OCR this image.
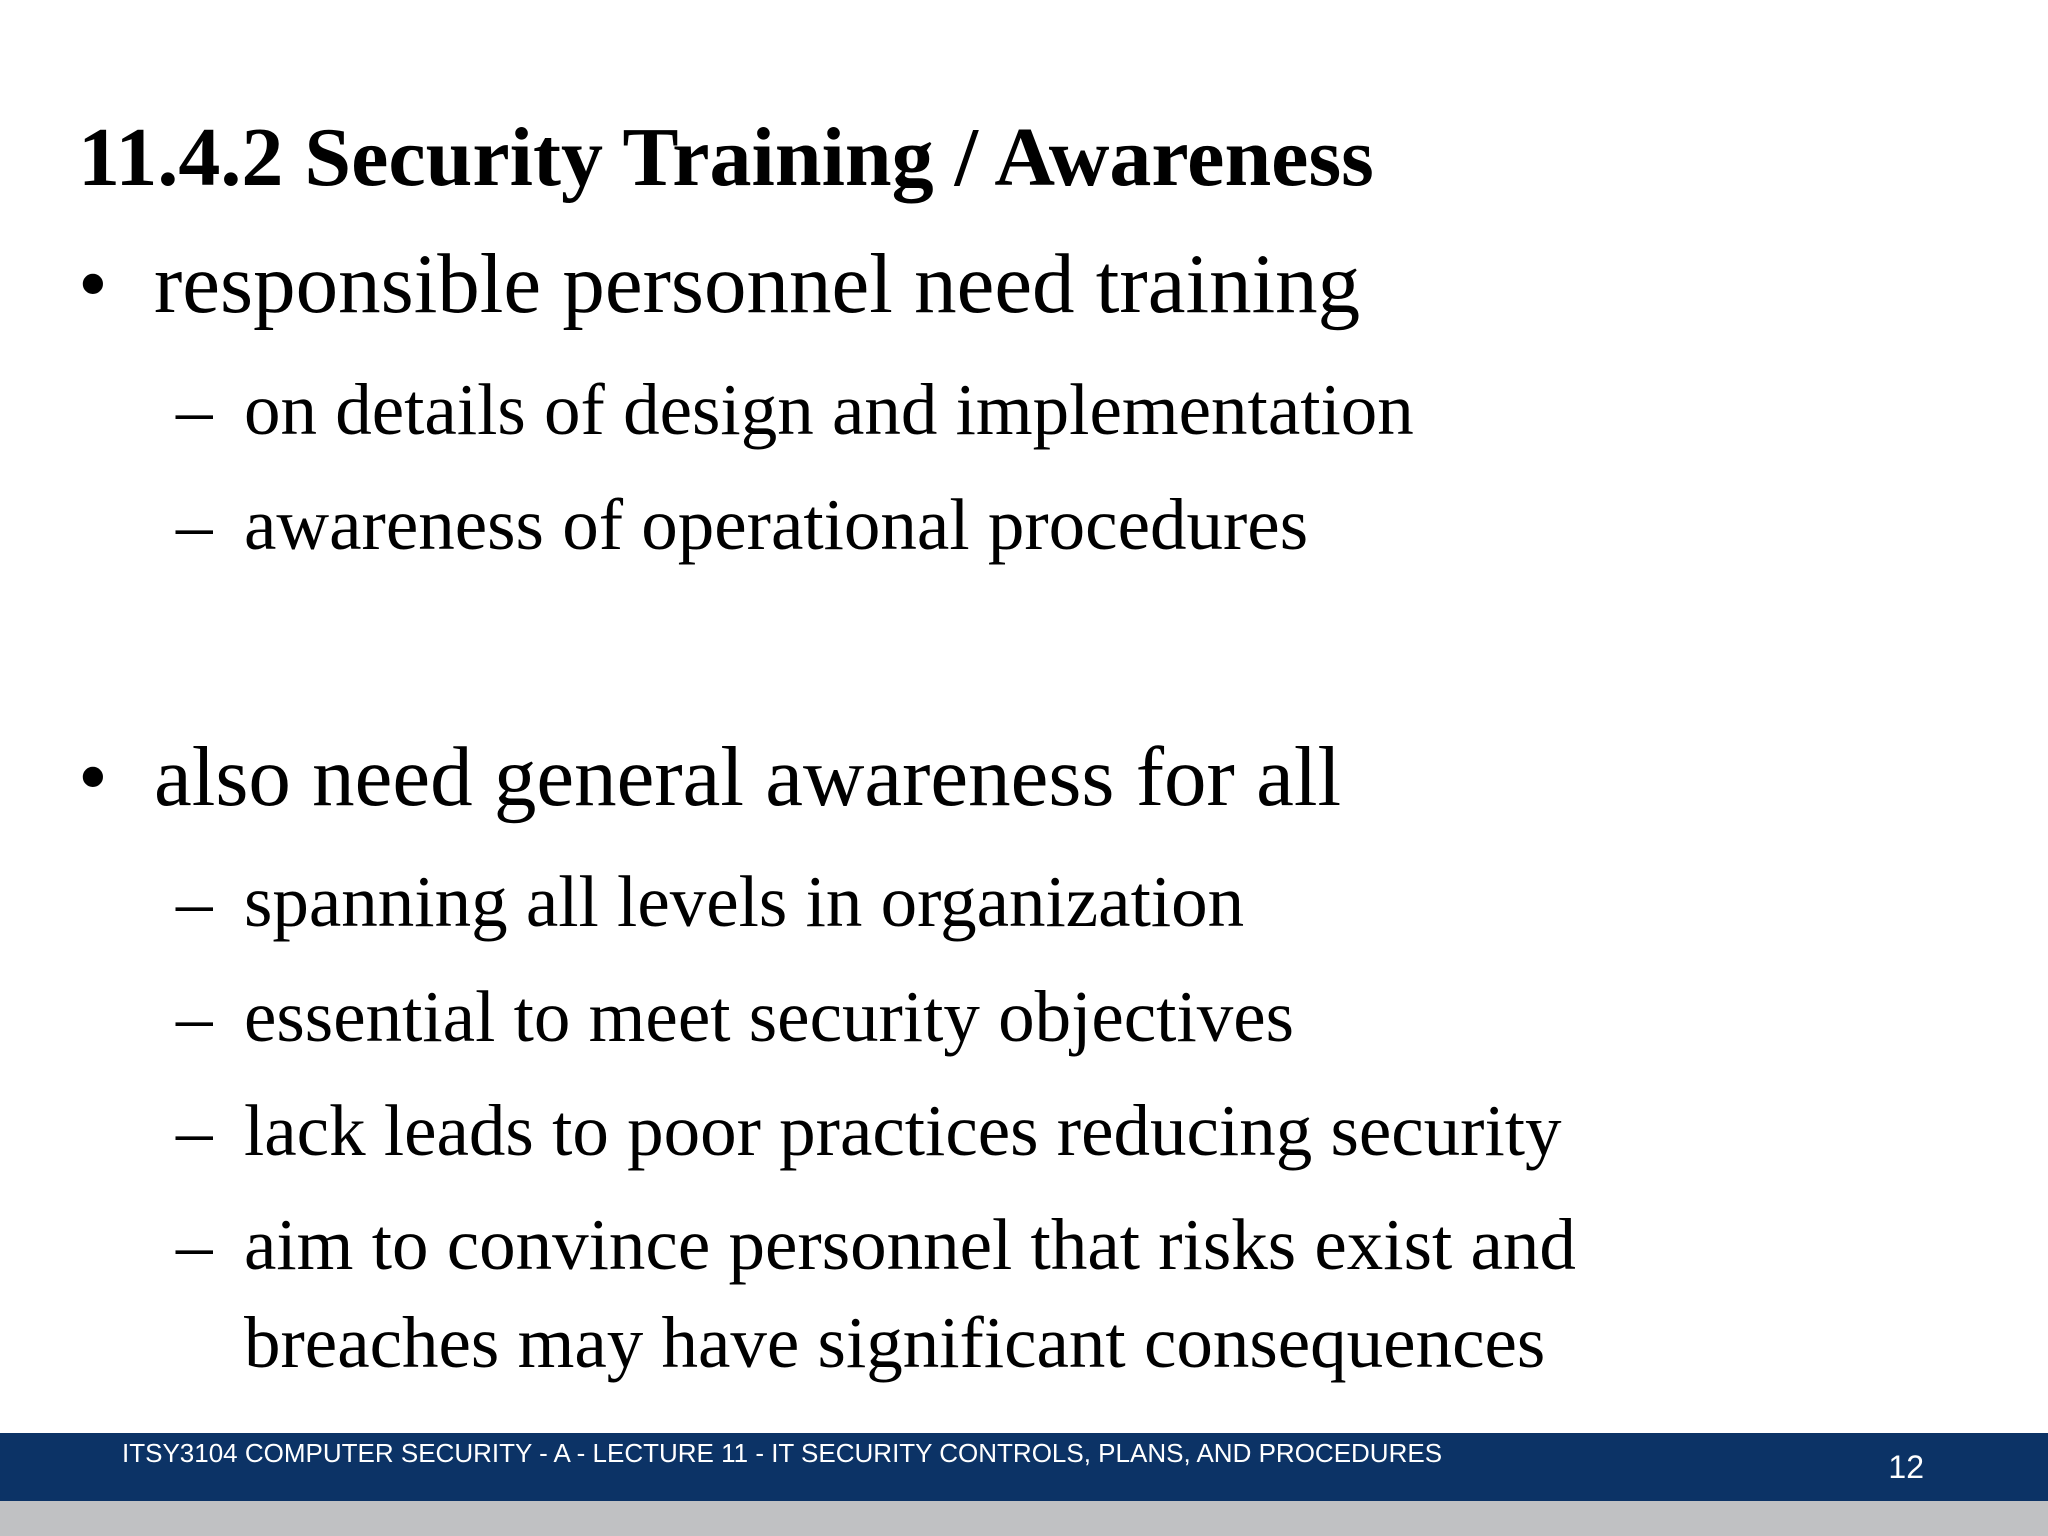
11.4.2 Security Training / Awareness
• responsible personnel need training
– on details of design and implementation
– awareness of operational procedures
• also need general awareness for all
– spanning all levels in organization
– essential to meet security objectives
– lack leads to poor practices reducing security
– aim to convince personnel that risks exist and
breaches may have significant consequences
ITSY3104 COMPUTER SECURITY - A - LECTURE 11 - IT SECURITY CONTROLS, PLANS, AND PROCEDURES	12
